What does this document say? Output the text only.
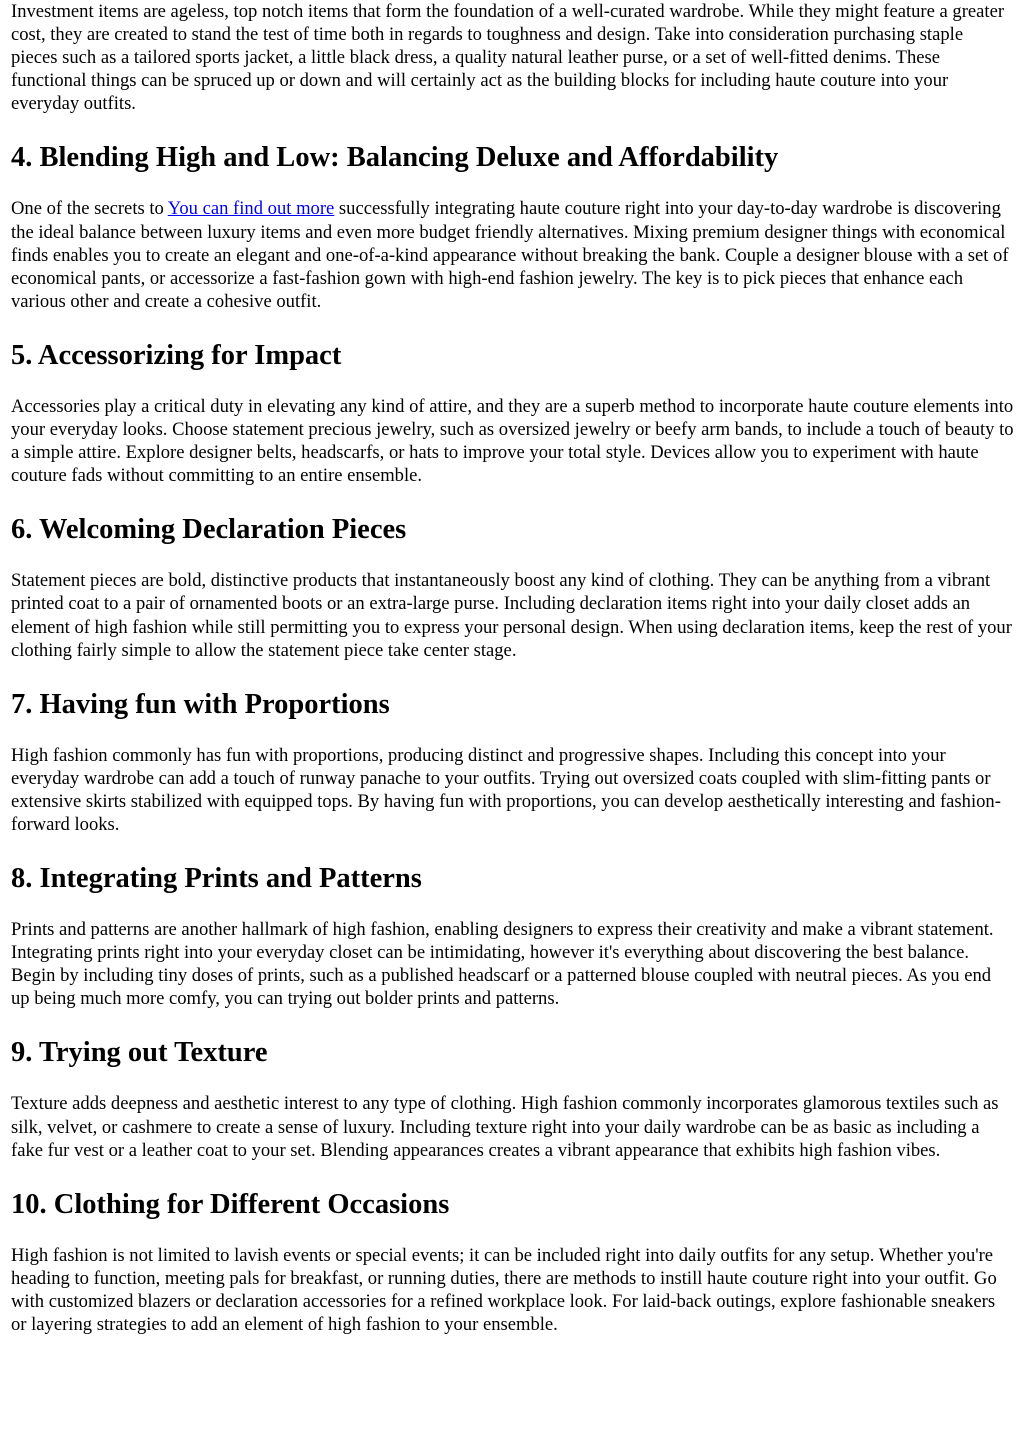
Investment items are ageless, top notch items that form the foundation of a well-curated wardrobe. While they might feature a greater cost, they are created to stand the test of time both in regards to toughness and design. Take into consideration purchasing staple pieces such as a tailored sports jacket, a little black dress, a quality natural leather purse, or a set of well-fitted denims. These functional things can be spruced up or down and will certainly act as the building blocks for including haute couture into your everyday outfits.

4. Blending High and Low: Balancing Deluxe and Affordability

One of the secrets to You can find out more successfully integrating haute couture right into your day-to-day wardrobe is discovering the ideal balance between luxury items and even more budget friendly alternatives. Mixing premium designer things with economical finds enables you to create an elegant and one-of-a-kind appearance without breaking the bank. Couple a designer blouse with a set of economical pants, or accessorize a fast-fashion gown with high-end fashion jewelry. The key is to pick pieces that enhance each various other and create a cohesive outfit.

5. Accessorizing for Impact

Accessories play a critical duty in elevating any kind of attire, and they are a superb method to incorporate haute couture elements into your everyday looks. Choose statement precious jewelry, such as oversized jewelry or beefy arm bands, to include a touch of beauty to a simple attire. Explore designer belts, headscarfs, or hats to improve your total style. Devices allow you to experiment with haute couture fads without committing to an entire ensemble.

6. Welcoming Declaration Pieces

Statement pieces are bold, distinctive products that instantaneously boost any kind of clothing. They can be anything from a vibrant printed coat to a pair of ornamented boots or an extra-large purse. Including declaration items right into your daily closet adds an element of high fashion while still permitting you to express your personal design. When using declaration items, keep the rest of your clothing fairly simple to allow the statement piece take center stage.

7. Having fun with Proportions

High fashion commonly has fun with proportions, producing distinct and progressive shapes. Including this concept into your everyday wardrobe can add a touch of runway panache to your outfits. Trying out oversized coats coupled with slim-fitting pants or extensive skirts stabilized with equipped tops. By having fun with proportions, you can develop aesthetically interesting and fashion-forward looks.

8. Integrating Prints and Patterns

Prints and patterns are another hallmark of high fashion, enabling designers to express their creativity and make a vibrant statement. Integrating prints right into your everyday closet can be intimidating, however it's everything about discovering the best balance. Begin by including tiny doses of prints, such as a published headscarf or a patterned blouse coupled with neutral pieces. As you end up being much more comfy, you can trying out bolder prints and patterns.

9. Trying out Texture

Texture adds deepness and aesthetic interest to any type of clothing. High fashion commonly incorporates glamorous textiles such as silk, velvet, or cashmere to create a sense of luxury. Including texture right into your daily wardrobe can be as basic as including a fake fur vest or a leather coat to your set. Blending appearances creates a vibrant appearance that exhibits high fashion vibes.

10. Clothing for Different Occasions

High fashion is not limited to lavish events or special events; it can be included right into daily outfits for any setup. Whether you're heading to function, meeting pals for breakfast, or running duties, there are methods to instill haute couture right into your outfit. Go with customized blazers or declaration accessories for a refined workplace look. For laid-back outings, explore fashionable sneakers or layering strategies to add an element of high fashion to your ensemble.
